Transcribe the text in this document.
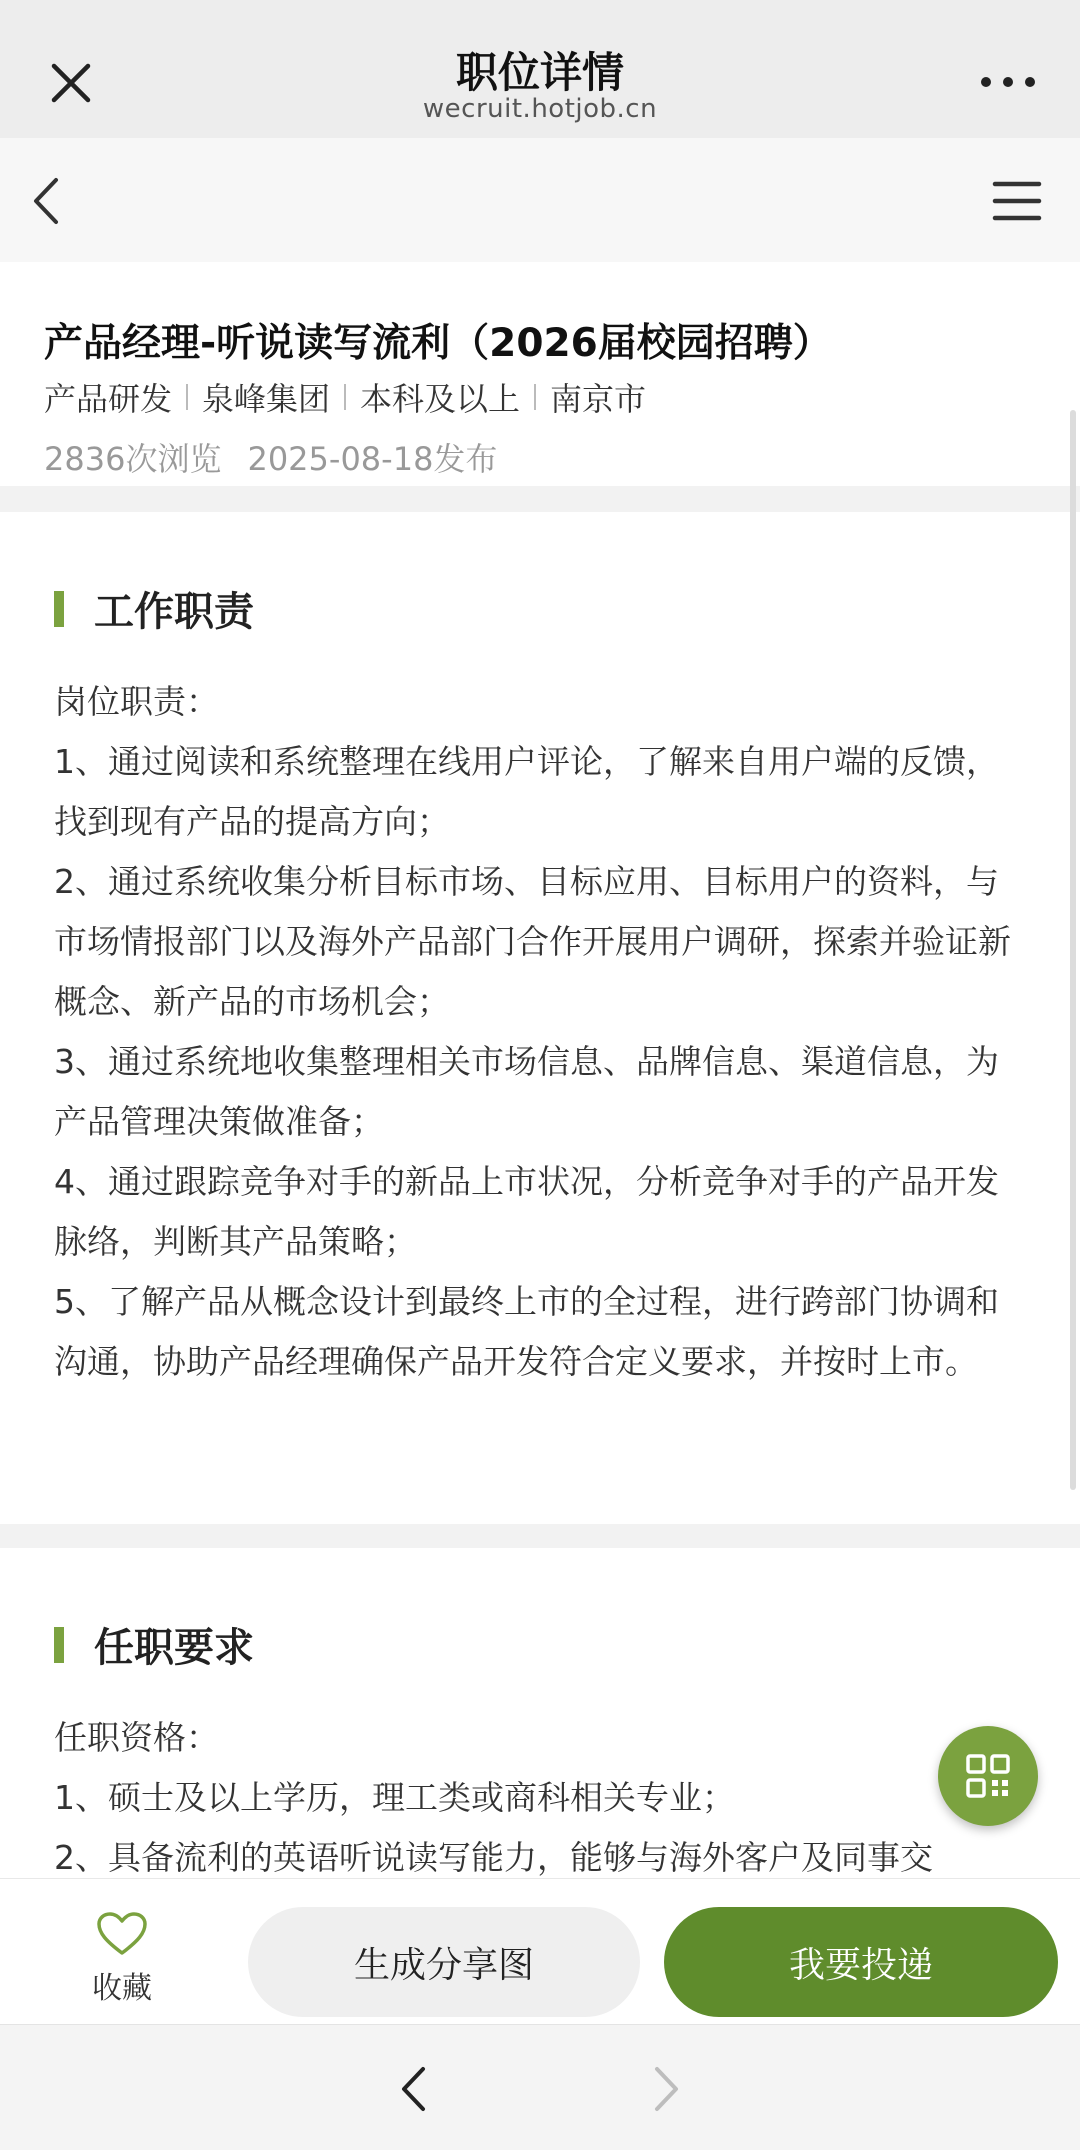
职位详情
wecruit.hotjob.cn
产品经理-听说读写流利（2026届校园招聘）
产品研发 泉峰集团 本科及以上 南京市
2836次浏览 2025-08-18发布
工作职责

岗位职责：

1、通过阅读和系统整理在线用户评论，了解来自用户端的反馈，找到现有产品的提高方向；

2、通过系统收集分析目标市场、目标应用、目标用户的资料，与市场情报部门以及海外产品部门合作开展用户调研，探索并验证新概念、新产品的市场机会；

3、通过系统地收集整理相关市场信息、品牌信息、渠道信息，为产品管理决策做准备；

4、通过跟踪竞争对手的新品上市状况，分析竞争对手的产品开发脉络，判断其产品策略；

5、了解产品从概念设计到最终上市的全过程，进行跨部门协调和沟通，协助产品经理确保产品开发符合定义要求，并按时上市。

任职要求

任职资格：

1、硕士及以上学历，理工类或商科相关专业；

2、具备流利的英语听说读写能力，能够与海外客户及同事交

收藏
生成分享图	我要投递
